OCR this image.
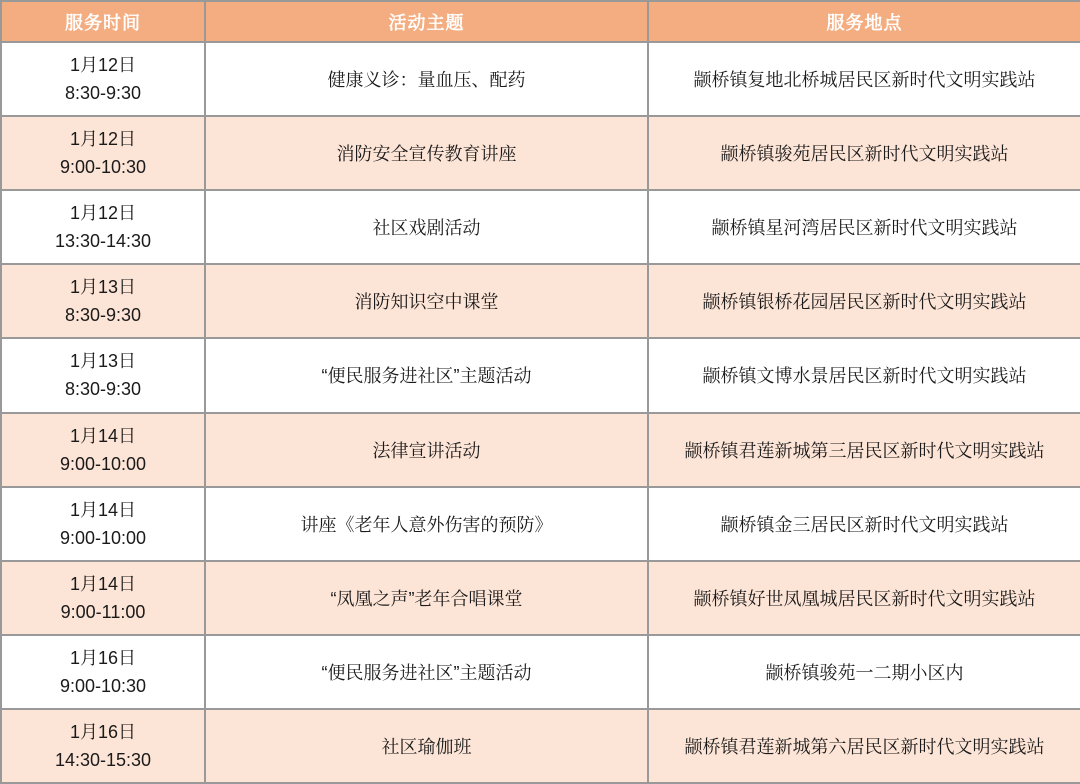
服务时间	活动主题	服务地点

1月12日
8:30-9:30	健康义诊：量血压、配药	颛桥镇复地北桥城居民区新时代文明实践站

1月12日
9:00-10:30	消防安全宣传教育讲座	颛桥镇骏苑居民区新时代文明实践站

1月12日
13:30-14:30	社区戏剧活动	颛桥镇星河湾居民区新时代文明实践站

1月13日
8:30-9:30	消防知识空中课堂	颛桥镇银桥花园居民区新时代文明实践站

1月13日
8:30-9:30	“便民服务进社区”主题活动	颛桥镇文博水景居民区新时代文明实践站

1月14日
9:00-10:00	法律宣讲活动	颛桥镇君莲新城第三居民区新时代文明实践站

1月14日
9:00-10:00	讲座《老年人意外伤害的预防》	颛桥镇金三居民区新时代文明实践站

1月14日
9:00-11:00	“凤凰之声”老年合唱课堂	颛桥镇好世凤凰城居民区新时代文明实践站

1月16日
9:00-10:30	“便民服务进社区”主题活动	颛桥镇骏苑一二期小区内

1月16日
14:30-15:30	社区瑜伽班	颛桥镇君莲新城第六居民区新时代文明实践站
